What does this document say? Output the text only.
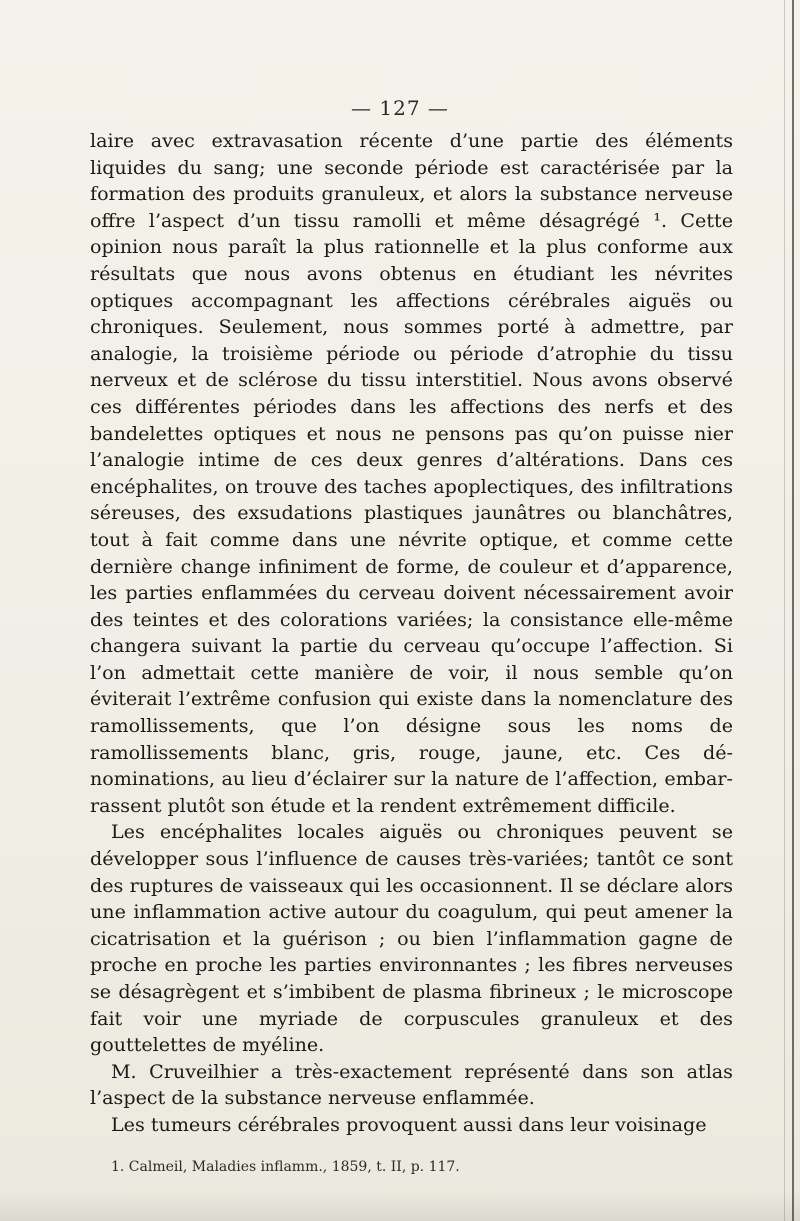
— 127 —

laire avec extravasation récente d’une partie des éléments liquides du sang; une seconde période est caractérisée par la formation des produits granuleux, et alors la substance nerveuse offre l’aspect d’un tissu ramolli et même désagrégé ¹. Cette opinion nous paraît la plus rationnelle et la plus conforme aux résultats que nous avons obtenus en étudiant les névrites optiques accompagnant les affections cérébrales aiguës ou chroniques. Seulement, nous sommes porté à admettre, par analogie, la troisième période ou période d’atrophie du tissu nerveux et de sclérose du tissu interstitiel. Nous avons observé ces différentes périodes dans les affections des nerfs et des bandelettes optiques et nous ne pensons pas qu’on puisse nier l’analogie intime de ces deux genres d’altérations. Dans ces encéphalites, on trouve des taches apoplectiques, des infiltrations séreuses, des exsudations plastiques jaunâtres ou blanchâtres, tout à fait comme dans une névrite optique, et comme cette dernière change infiniment de forme, de couleur et d’apparence, les parties enflammées du cerveau doivent nécessairement avoir des teintes et des colorations variées; la consistance elle-même changera suivant la partie du cerveau qu’occupe l’affection. Si l’on admettait cette manière de voir, il nous semble qu’on éviterait l’extrême confusion qui existe dans la nomenclature des ramollissements, que l’on désigne sous les noms de ramollissements blanc, gris, rouge, jaune, etc. Ces dénominations, au lieu d’éclairer sur la nature de l’affection, embarrassent plutôt son étude et la rendent extrêmement difficile.

Les encéphalites locales aiguës ou chroniques peuvent se développer sous l’influence de causes très-variées; tantôt ce sont des ruptures de vaisseaux qui les occasionnent. Il se déclare alors une inflammation active autour du coagulum, qui peut amener la cicatrisation et la guérison ; ou bien l’inflammation gagne de proche en proche les parties environnantes ; les fibres nerveuses se désagrègent et s’imbibent de plasma fibrineux ; le microscope fait voir une myriade de corpuscules granuleux et des gouttelettes de myéline.

M. Cruveilhier a très-exactement représenté dans son atlas l’aspect de la substance nerveuse enflammée.

Les tumeurs cérébrales provoquent aussi dans leur voisinage

1. Calmeil, Maladies inflamm., 1859, t. II, p. 117.
